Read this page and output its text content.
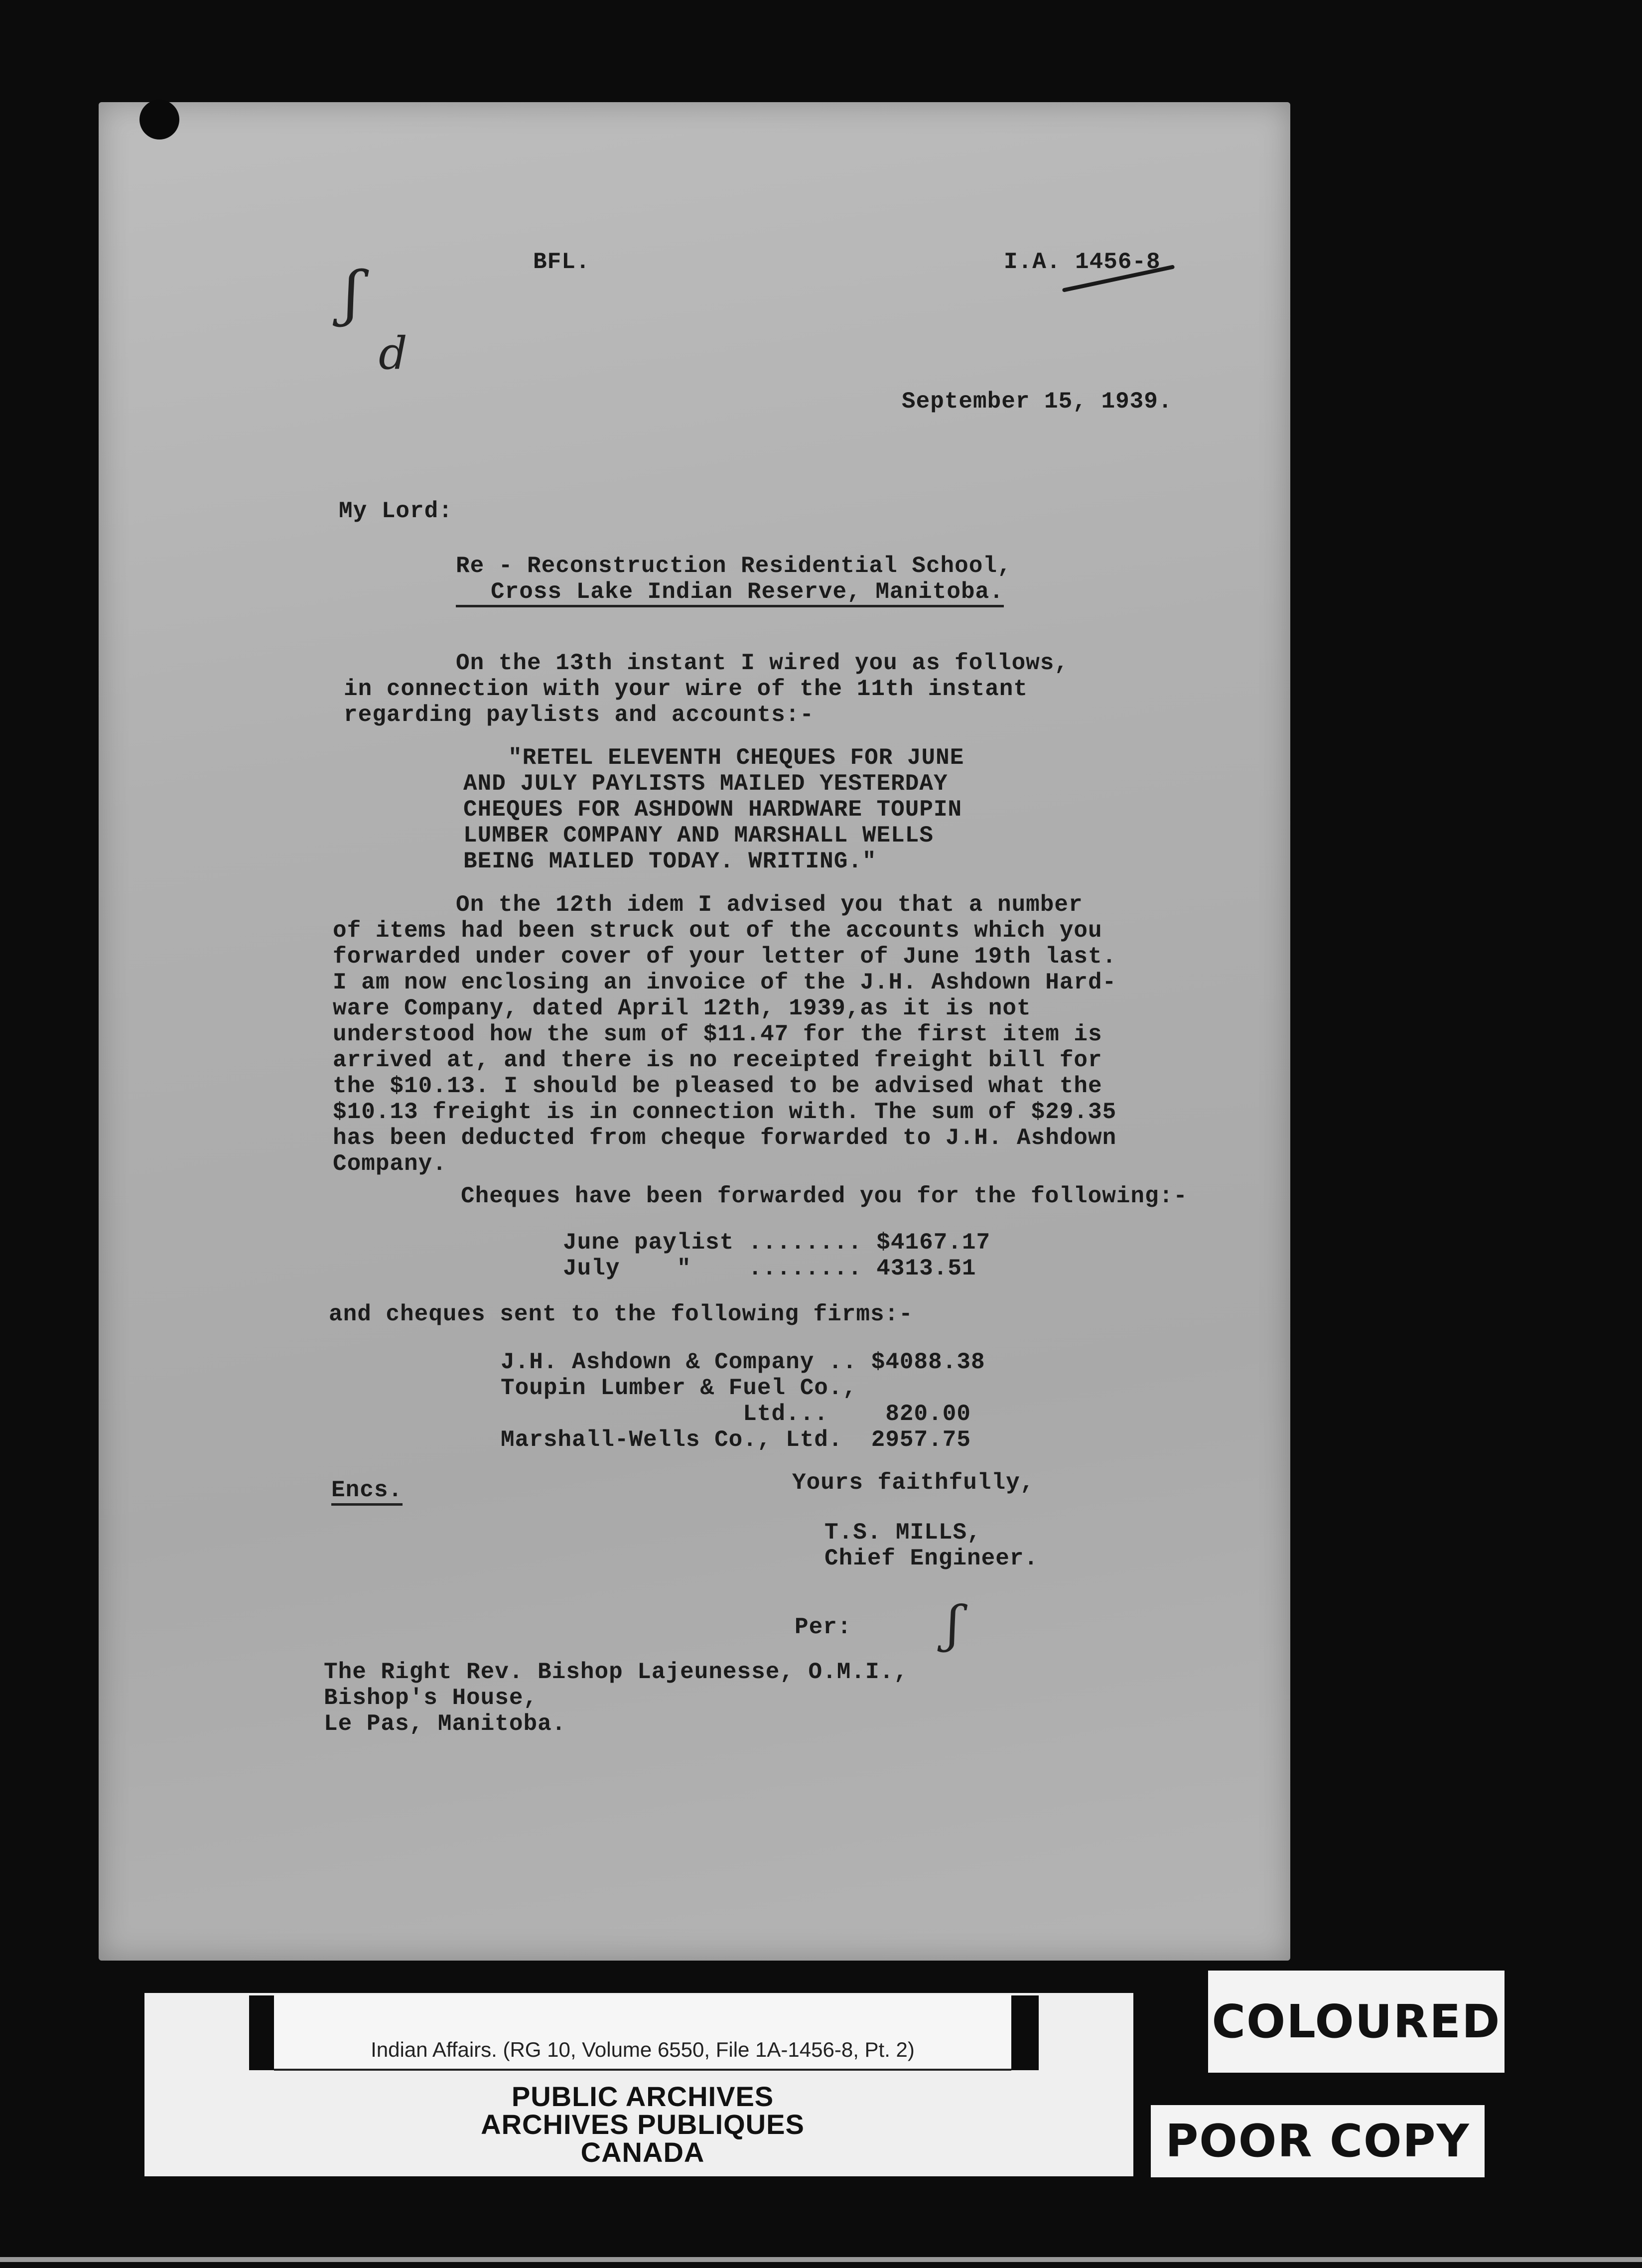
ʃ
d
BFL.	I.A. 1456-8
September 15, 1939.
My Lord:
Re - Reconstruction Residential School,
Cross Lake Indian Reserve, Manitoba.
On the 13th instant I wired you as follows,
in connection with your wire of the 11th instant
regarding paylists and accounts:-
"RETEL ELEVENTH CHEQUES FOR JUNE
AND JULY PAYLISTS MAILED YESTERDAY
CHEQUES FOR ASHDOWN HARDWARE TOUPIN
LUMBER COMPANY AND MARSHALL WELLS
BEING MAILED TODAY. WRITING."
On the 12th idem I advised you that a number
of items had been struck out of the accounts which you
forwarded under cover of your letter of June 19th last.
I am now enclosing an invoice of the J.H. Ashdown Hard-
ware Company, dated April 12th, 1939,as it is not
understood how the sum of $11.47 for the first item is
arrived at, and there is no receipted freight bill for
the $10.13. I should be pleased to be advised what the
$10.13 freight is in connection with. The sum of $29.35
has been deducted from cheque forwarded to J.H. Ashdown
Company.
Cheques have been forwarded you for the following:-
June paylist ........ $4167.17
July    "    ........ 4313.51
and cheques sent to the following firms:-
J.H. Ashdown & Company .. $4088.38
Toupin Lumber & Fuel Co.,
Ltd...    820.00
Marshall-Wells Co., Ltd.  2957.75
Encs.	Yours faithfully,
T.S. MILLS,
Chief Engineer.
Per: ʃ
The Right Rev. Bishop Lajeunesse, O.M.I.,
Bishop's House,
Le Pas, Manitoba.
Indian Affairs. (RG 10, Volume 6550, File 1A-1456-8, Pt. 2)
PUBLIC ARCHIVES
ARCHIVES PUBLIQUES
CANADA
COLOURED
POOR COPY
